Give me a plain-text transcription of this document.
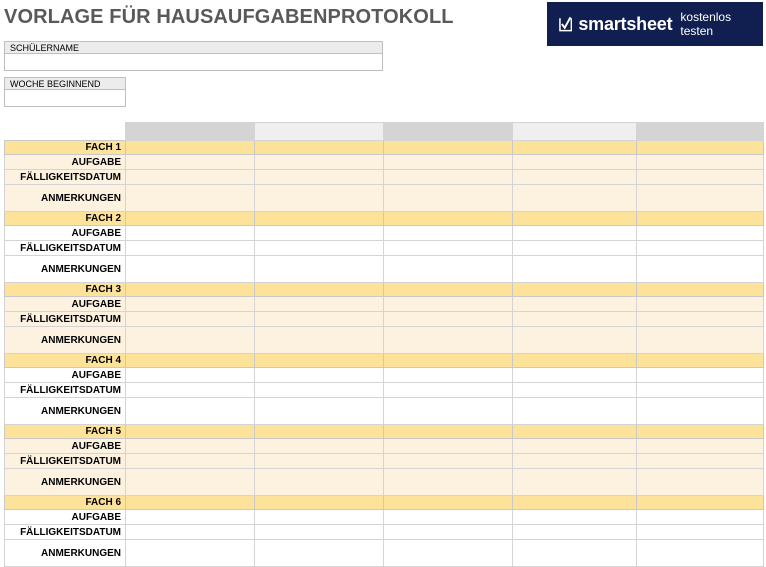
VORLAGE FÜR HAUSAUFGABENPROTOKOLL	smartsheet kostenlos testen
SCHÜLERNAME
WOCHE BEGINNEND

FACH 1					
AUFGABE					
FÄLLIGKEITSDATUM					
ANMERKUNGEN					
FACH 2					
AUFGABE					
FÄLLIGKEITSDATUM					
ANMERKUNGEN					
FACH 3					
AUFGABE					
FÄLLIGKEITSDATUM					
ANMERKUNGEN					
FACH 4					
AUFGABE					
FÄLLIGKEITSDATUM					
ANMERKUNGEN					
FACH 5					
AUFGABE					
FÄLLIGKEITSDATUM					
ANMERKUNGEN					
FACH 6					
AUFGABE					
FÄLLIGKEITSDATUM					
ANMERKUNGEN					
